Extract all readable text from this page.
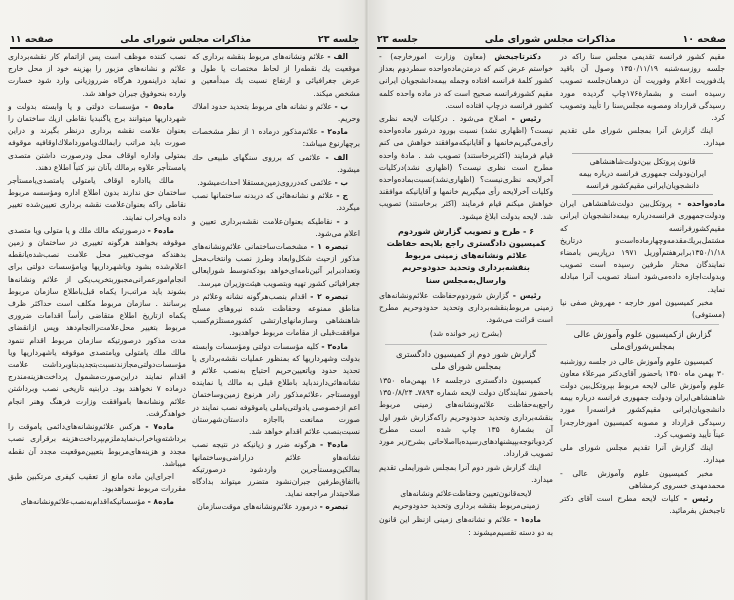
صفحه ۱۱	مذاکرات مجلس شورای ملی	جلسه ۲۳

نصب کننده موظف است پس ازاتمام کار نقشه‌برداری علائم و نشانه‌های مزبور را بهزینه خود از محل خارج نماید دراینمورد هرگاه ضرروزیانی وارد شود خسارت وارده بنحوفوق جبران خواهد شد.

ماده۵ - مؤسسات دولتی و یا وابسته بدولت و شهرداریها میتوانند برج یاگنبدیا نقاطی ازیك ساختمان را بعنوان علامت نقشه برداری درنظر بگیرند و دراین صورت باید مراتب رابمالك‌ویامورد‌املاك‌اوقافیه موقوفه بمتولی واداره اوقاف محل ودرصورت داشتن متصدی یامستأجر علاوه برمالك بآنان نیز کتباً اطلاع دهند.

مالك یااداره اوقاف یامتولی یامتصدی‌یامستأجر ساختمان حق ندارند بدون اطلاع اداره ومؤسسه مربوط نقاطی راکه بعنوان‌علامت نقشه برداری تعیین‌شده تغییر داده ویاخراب نمایند.

ماده۶ - درصورتیکه مالك ملك و یا متولی ویا متصدی موقوفه بخواهند هرگونه تغییری در ساختمان و زمین بدهندکه موجب‌تغییر محل علامت نصب‌شده‌یانقطه اعلام‌شده بشود ویاشهرداریها ویامؤسسات دولتی برای انجام‌امورعمرانی‌مجبور‌بتخریب‌یکی از علائم ونشانه‌ها بشوند باید مراتب‌را یکماه قبل‌باطلاع سازمان مربوط برسانند . سازمان مربوط مکلف است حداکثر ظرف یکماه ازتاریخ اطلاع متقاضی رأساً اقدامات ضروری مربوط بتغییر محل‌علامت‌راانجام‌دهد وپس ازانقضای مدت مذکور درصورتیکه سازمان مربوط اقدام ننمود مالك ملك یامتولی ویامتصدی موقوفه یاشهرداریها ویا مؤسسات‌دولتی‌مجازند‌نسبت‌بتجدید‌بناوبرداشت علامت اقدام نمایند دراین‌صورت‌مشمول پرداخت‌هزینه‌مندرج درماده ۷ نخواهند بود. درابنیه تاریخی نصب وبرداشتن علائم ونشانه‌ها باموافقت وزارت فرهنگ وهنر انجام خواهدگرفت.

ماده۷ - هرکس علائم‌ونشانه‌های‌دائمی یاموقت را برداشته‌ویاخراب‌نمایدملزم‌بپرداخت‌هزینه برقراری نصب مجدد و هزینه‌های‌مربوط بتعیین‌موقعیت مجدد آن نقطه میباشد.

اجرای‌این ماده مانع از تعقیب کیفری مرتکبین طبق مقررات مربوط نخواهدبود.

ماده۸ - مؤسساتیکه‌اقدام‌به‌نصب‌علائم‌ونشانه‌های

الف - علائم ونشانه‌های مربوط بنقشه برداری که موقعیت یك نقطه‌را از لحاظ مختصات یا طول و عرض جغرافیائی و ارتفاع نسبت یك مبدأمعین و مشخص میکند.

ب - علائم و نشانه های مربوط بتحدید حدود املاك وحریم.

ماده۲ - علائم‌مذکور درماده ۱ از نظر مشخصات برچهارنوع میباشد:

الف - علائمی که برروی سنگهای طبیعی حك میشود.

ب - علائمی که‌درروی‌زمین‌مستقلا احداث‌میشود.

ج - علائم و نشانه‌هائی که دربدنه ساختمانها نصب میگردد.

د - نقاطیکه بعنوان‌علامت نقشه‌برداری تعیین و اعلام می‌شود.

تبصره ۱ - مشخصات‌ساختمانی علائم‌ونشانه‌های مذکور ازحیث شکل‌وابعاد وطرز نصب وانتخاب‌محل وتعداد‌برابر آئین‌نامه‌ای‌خواهد بودکه‌توسط شورایعالی جغرافیائی کشور تهیه وبتصویب هیئت‌وزیران میرسد.

تبصره ۲ - اقدام بنصب‌هرگونه نشانه وعلائم در مناطق ممنوعه وحفاظت شده نیروهای مسلح شاهنشاهی وسازمانهای‌ارتشی کشورمستلزم‌کسب موافقت‌قبلی از مقامات مربوط خواهدبود.

ماده۳ - کلیه مؤسسات دولتی ومؤسسات وابسته بدولت وشهرداریها که بمنظور عملیات نقشه‌برداری یا تحدید حدود ویاتعیین‌حریم احتیاج به‌نصب علائم و نشانه‌هائی‌دارند‌باید باطلاع قبلی به مالك یا نماینده اوومستاجر ،علائم‌مذکور رادر هرنوع زمین‌وساختمان اعم ازخصوصی یادولتی‌یاملی یاموقوفه نصب نمایند در صورت ممانعت بااجازه دادستان‌شهرستان نسبت‌بنصب علائم اقدام خواهد شد.

ماده۴ - هرگونه ضرر و زیانیکه در نتیجه نصب نشانه‌هاو علائم دراراضی‌وساختمانها بمالکین‌ومستأجرین واردشود درصورتیکه بااتفاق‌طرفین جبران‌نشود متضرر میتواند بدادگاه صلاحیتدار مراجعه نماید.

تبصره - درمورد علائم‌ونشانه‌های موقت‌سازمان

جلسه ۲۳	مذاکرات مجلس شورای ملی	صفحه ۱۰

دکترتاجبخش (معاون وزارت امورخارجه) - خواستم عرض کنم که درمتن‌ماده‌واحده سطردوم بعداز کشور کلمهٔ فرانسه افتاده وجمله بیمه‌دانشجویان ایرانی مقیم کشورفرانسه صحیح است که در ماده واحده کلمه کشور فرانسه درچاپ افتاده است.

رئیس - اصلاح می‌شود . درکلیات لایحه نظری نیست؟ (اظهاری نشد) نسبت بورود درشور ماده‌واحده رأی‌می‌گیریم‌خانمها و آقایانیکه‌موافقند خواهش می کنم قیام فرمایند (اکثربرخاستند) تصویب شد . مادهٔ واحده مطرح است نظری نیست؟ (اظهاری نشد)درکلیات آخرلایحه نظری‌نیست؟ (اظهاری‌نشد)نسبت‌بماده‌واحده وکلیات آخرلایحه رأی میگیریم خانمها و آقایانیکه موافقند خواهش میکنم قیام فرمایند (اکثر برخاستند) تصویب شد. لایحه بدولت ابلاغ میشود.

۶ - طرح و تصویب گزارش شوردوم کمیسیون دادگستری راجع بلایحه حفاظت علائم ونشانه‌های زمینی مربوط بنقشه‌برداری وتحدید حدودوحریم وارسال‌به‌مجلس سنا

رئیس - گزارش شوردوم‌حفاظت علائم‌ونشانه‌های زمینی مربوط‌بنقشه‌برداری وتحدید حدودوحریم مطرح است قرائت می‌شود.

(بشرح زیر خوانده شد)

گزارش شور دوم از کمیسیون دادگستری بمجلس شورای ملی

کمیسیون دادگستری درجلسه ۱۶ بهمن‌ماه ۱۳۵۰ باحضور نمایندگان دولت لایحه شماره ۷۸۹۴ـ ۱۳۵۰/۸/۲۴ راجع‌به‌حفاظت علائم‌ونشانه‌های زمینی مربوط بنقشه‌برداری وتحدید حدودوحریم راکه‌گزارش شور اول آن بشمارهٔ ۱۳۵ چاپ شده است مطرح کردوباتوجه‌بپیشنهادهای‌رسیده‌بااصلاحاتی بشرح‌زیر مورد تصویب قرارداد.

اینك گزارش شور دوم آنرا بمجلس شورایملی تقدیم میدارد.

لایحه‌قانون‌تعیین وحفاظت‌علائم ونشانه‌های زمینی‌مربوط بنقشه برداری وتحدید حدودوحریم

ماده۱ - علائم و نشانه‌های زمینی ازنظر این قانون به دو دسته تقسیم‌میشوند :

مقیم کشور فرانسه تقدیمی مجلس سنا راکه در جلسه روزسه‌شنبه ۱۳۵۰/۱۱/۱۹ وصول آن باقید یك‌فوریت اعلام وفوریت آن درهمان‌جلسه تصویب رسیده است و بشمارهٔ۱۷۶چاپ گردیده مورد رسیدگی قرارداد ومصوبه مجلس‌سنا را تأیید وتصویب کرد.

اینك گزارش آنرا بمجلس شورای ملی تقدیم میدارد.

قانون پروتکل بین‌دولت‌شاهنشاهی ایران‌ودولت جمهوری فرانسه درباره بیمه دانشجویان‌ایرانی مقیم‌کشور فرانسه

ماده‌واحده - پروتکل‌بین دولت‌شاهنشاهی ایران ودولت‌جمهوری فرانسه‌درباره بیمه‌دانشجویان ایرانی مقیم‌کشورفرانسه که مشتمل‌بریك‌مقدمه‌وچهارماده‌است‌و درتاریخ ۱۳۵۰/۱/۱۸برابرهفتم‌آوریل ۱۹۷۱ درپاریس بامضاء نمایندگان مختار طرفین رسیده است تصویب وبدولت‌اجازه داده‌می‌شود اسناد تصویب آنرا مبادله نماید.

مخبر کمیسیون امور خارجه - مهروش صفی نیا (مستوفی)

گزارش ازکمیسیون علوم وآموزش عالی بمجلس‌شورای‌ملی

کمیسیون علوم وآموزش عالی در جلسه روزشنبه ۳۰ بهمن ماه ۱۳۵۰ باحضور آقای‌دکتر میرعلاء معاون علوم وآموزش عالی لایحه مربوط بپروتکل‌بین دولت شاهنشاهی‌ایران ودولت جمهوری فرانسه درباره بیمه دانشجویان‌ایرانی مقیم‌کشور فرانسه‌را مورد رسیدگی قرارداد و مصوبه کمیسیون امورخارجه‌را عیناً تأیید وتصویب کرد.

اینك گزارش آنرا تقدیم مجلس شورای ملی میدارد.

مخبر کمیسیون علوم وآموزش عالی - محمدمهدی خسروی کرمشاهی

رئیس - کلیات لایحه مطرح است آقای دکتر تاجبخش بفرمائید.
